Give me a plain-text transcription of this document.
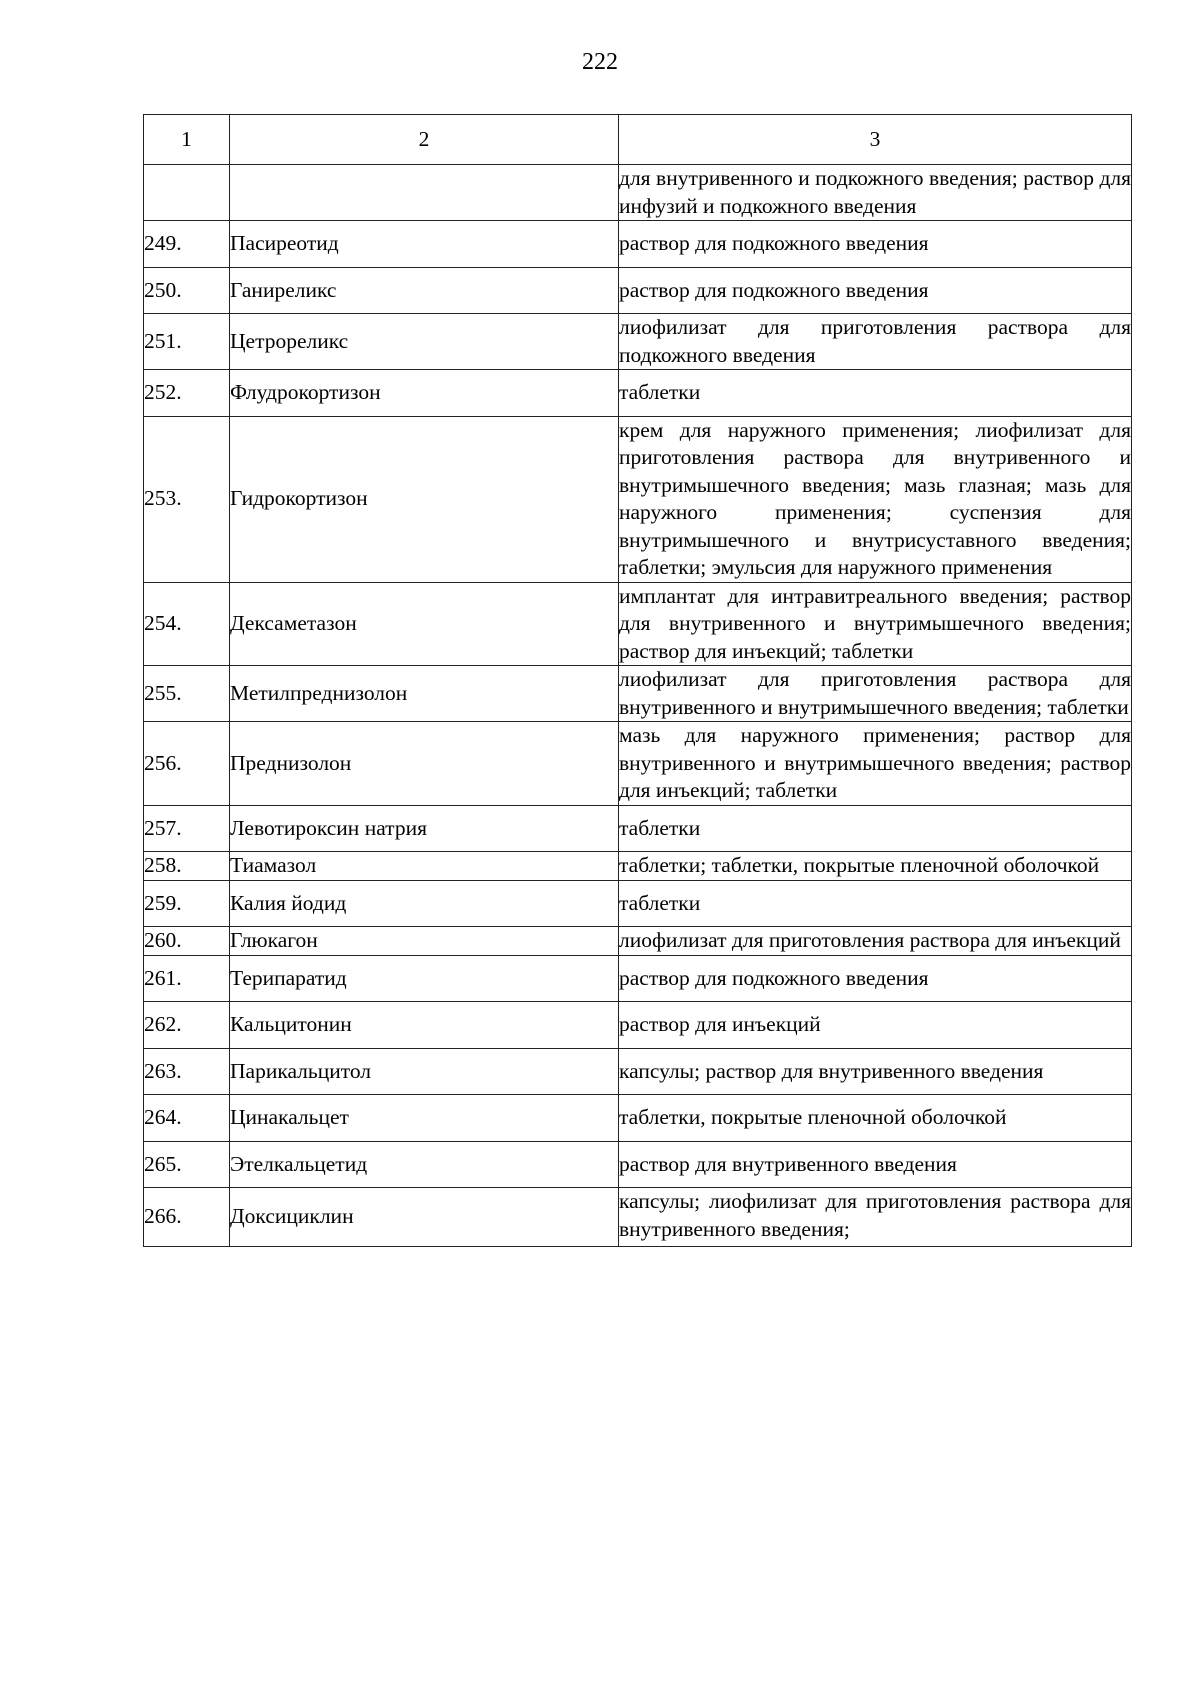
222
1	2	3
		для внутривенного и подкожного введения; раствор для инфузий и подкожного введения
249.	Пасиреотид	раствор для подкожного введения
250.	Ганиреликс	раствор для подкожного введения
251.	Цетрореликс	лиофилизат для приготовления раствора для подкожного введения
252.	Флудрокортизон	таблетки
253.	Гидрокортизон	крем для наружного применения; лиофилизат для приготовления раствора для внутривенного и внутримышечного введения; мазь глазная; мазь для наружного применения; суспензия для внутримышечного и внутрисуставного введения; таблетки; эмульсия для наружного применения
254.	Дексаметазон	имплантат для интравитреального введения; раствор для внутривенного и внутримышечного введения; раствор для инъекций; таблетки
255.	Метилпреднизолон	лиофилизат для приготовления раствора для внутривенного и внутримышечного введения; таблетки
256.	Преднизолон	мазь для наружного применения; раствор для внутривенного и внутримышечного введения; раствор для инъекций; таблетки
257.	Левотироксин натрия	таблетки
258.	Тиамазол	таблетки; таблетки, покрытые пленочной оболочкой
259.	Калия йодид	таблетки
260.	Глюкагон	лиофилизат для приготовления раствора для инъекций
261.	Терипаратид	раствор для подкожного введения
262.	Кальцитонин	раствор для инъекций
263.	Парикальцитол	капсулы; раствор для внутривенного введения
264.	Цинакальцет	таблетки, покрытые пленочной оболочкой
265.	Этелкальцетид	раствор для внутривенного введения
266.	Доксициклин	капсулы; лиофилизат для приготовления раствора для внутривенного введения;
